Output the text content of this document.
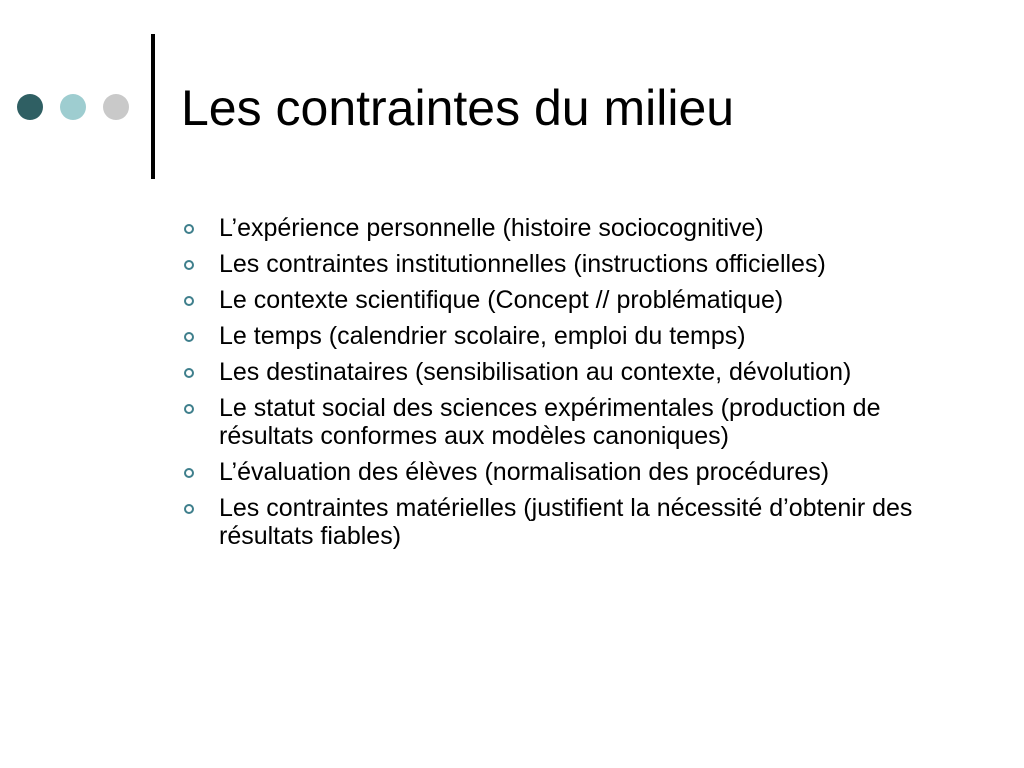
Les contraintes du milieu
L’expérience personnelle (histoire sociocognitive)
Les contraintes institutionnelles (instructions officielles)
Le contexte scientifique (Concept // problématique)
Le temps (calendrier scolaire, emploi du temps)
Les destinataires (sensibilisation au contexte, dévolution)
Le statut social des sciences expérimentales (production de résultats conformes aux modèles canoniques)
L’évaluation des élèves (normalisation des procédures)
Les contraintes matérielles (justifient la nécessité d’obtenir des résultats fiables)
